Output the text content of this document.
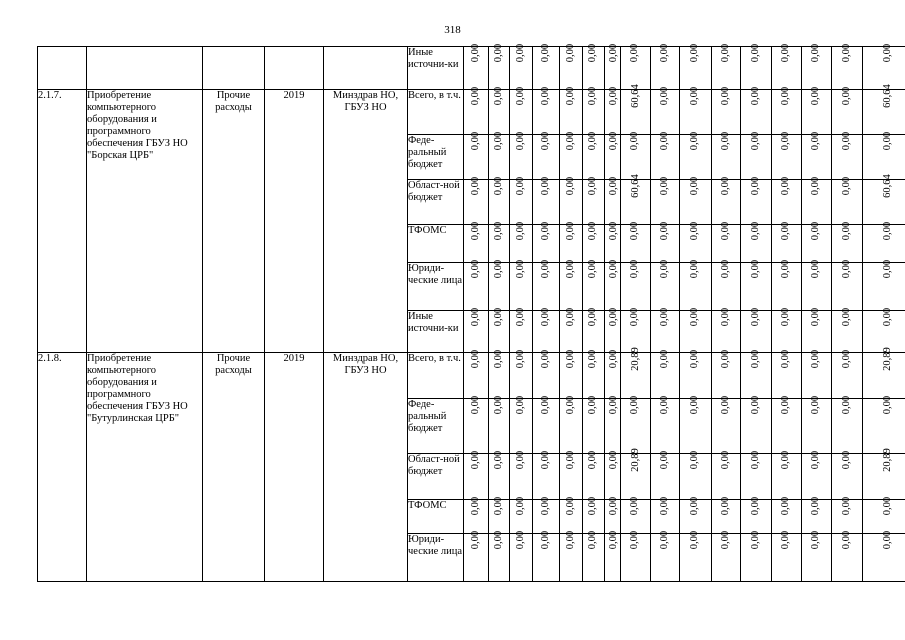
318
					Иные источни-ки	0,00	0,00	0,00	0,00	0,00	0,00	0,00	0,00	0,00	0,00	0,00	0,00	0,00	0,00	0,00	0,00
2.1.7.	Приобретение компьютерного оборудования и программного обеспечения ГБУЗ НО "Борская ЦРБ"	Прочие расходы	2019	Минздрав НО, ГБУЗ НО	Всего, в т.ч.	0,00	0,00	0,00	0,00	0,00	0,00	0,00	60,64	0,00	0,00	0,00	0,00	0,00	0,00	0,00	60,64
					Феде-ральный бюджет	0,00	0,00	0,00	0,00	0,00	0,00	0,00	0,00	0,00	0,00	0,00	0,00	0,00	0,00	0,00	0,00
					Област-ной бюджет	0,00	0,00	0,00	0,00	0,00	0,00	0,00	60,64	0,00	0,00	0,00	0,00	0,00	0,00	0,00	60,64
					ТФОМС	0,00	0,00	0,00	0,00	0,00	0,00	0,00	0,00	0,00	0,00	0,00	0,00	0,00	0,00	0,00	0,00
					Юриди-ческие лица	0,00	0,00	0,00	0,00	0,00	0,00	0,00	0,00	0,00	0,00	0,00	0,00	0,00	0,00	0,00	0,00
					Иные источни-ки	0,00	0,00	0,00	0,00	0,00	0,00	0,00	0,00	0,00	0,00	0,00	0,00	0,00	0,00	0,00	0,00
2.1.8.	Приобретение компьютерного оборудования и программного обеспечения ГБУЗ НО "Бутурлинская ЦРБ"	Прочие расходы	2019	Минздрав НО, ГБУЗ НО	Всего, в т.ч.	0,00	0,00	0,00	0,00	0,00	0,00	0,00	20,89	0,00	0,00	0,00	0,00	0,00	0,00	0,00	20,89
					Феде-ральный бюджет	0,00	0,00	0,00	0,00	0,00	0,00	0,00	0,00	0,00	0,00	0,00	0,00	0,00	0,00	0,00	0,00
					Област-ной бюджет	0,00	0,00	0,00	0,00	0,00	0,00	0,00	20,89	0,00	0,00	0,00	0,00	0,00	0,00	0,00	20,89
					ТФОМС	0,00	0,00	0,00	0,00	0,00	0,00	0,00	0,00	0,00	0,00	0,00	0,00	0,00	0,00	0,00	0,00
					Юриди-ческие лица	0,00	0,00	0,00	0,00	0,00	0,00	0,00	0,00	0,00	0,00	0,00	0,00	0,00	0,00	0,00	0,00
